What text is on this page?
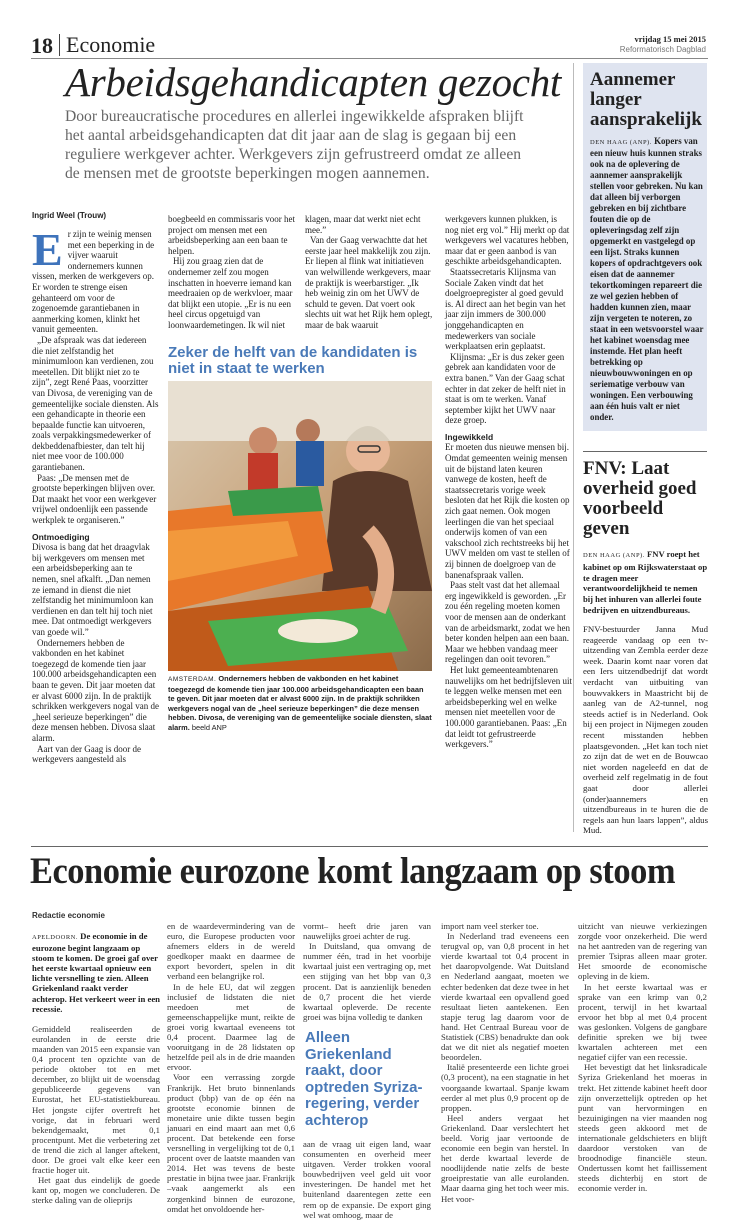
18 Economie	vrijdag 15 mei 2015
Reformatorisch Dagblad
Arbeidsgehandicapten gezocht
Door bureaucratische procedures en allerlei ingewikkelde afspraken blijft het aantal arbeidsgehandicapten dat dit jaar aan de slag is gegaan bij een reguliere werkgever achter. Werkgevers zijn gefrustreerd omdat ze alleen de mensen met de grootste beperkingen mogen aannemen.
Ingrid Weel (Trouw)
E r zijn te weinig mensen met een beperking in de vijver waaruit ondernemers kunnen vissen, merken de werkgevers op. Er worden te strenge eisen gehanteerd om voor de zogenoemde garantiebanen in aanmerking komen, klinkt het vanuit gemeenten.

„De afspraak was dat iedereen die niet zelfstandig het minimumloon kan verdienen, zou meetellen. Dit blijkt niet zo te zijn”, zegt René Paas, voorzitter van Divosa, de vereniging van de gemeentelijke sociale diensten. Als een gehandicapte in theorie een bepaalde functie kan uitvoeren, zoals verpakkingsmedewerker of dekbeddenafbiester, dan telt hij niet mee voor de 100.000 garantiebanen.

Paas: „De mensen met de grootste beperkingen blijven over. Dat maakt het voor een werkgever vrijwel ondoenlijk een passende werkplek te organiseren.”

Ontmoediging

Divosa is bang dat het draagvlak bij werkgevers om mensen met een arbeidsbeperking aan te nemen, snel afkalft. „Dan nemen ze iemand in dienst die niet zelfstandig het minimumloon kan verdienen en dan telt hij toch niet mee. Dat ontmoedigt werkgevers van goede wil.”

Ondernemers hebben de vakbonden en het kabinet toegezegd de komende tien jaar 100.000 arbeidsgehandicapten een baan te geven. Dit jaar moeten dat er alvast 6000 zijn. In de praktijk schrikken werkgevers nogal van de „heel serieuze beperkingen” die deze mensen hebben. Divosa slaat alarm.

Aart van der Gaag is door de werkgevers aangesteld als

boegbeeld en commissaris voor het project om mensen met een arbeidsbeperking aan een baan te helpen.

Hij zou graag zien dat de ondernemer zelf zou mogen inschatten in hoeverre iemand kan meedraaien op de werkvloer, maar dat blijkt een utopie. „Er is nu een heel circus opgetuigd van loonwaardemetingen. Ik wil niet

klagen, maar dat werkt niet echt mee.”

Van der Gaag verwachtte dat het eerste jaar heel makkelijk zou zijn. Er liepen al flink wat initiatieven van welwillende werkgevers, maar de praktijk is weerbarstiger. „Ik heb weinig zin om het UWV de schuld te geven. Dat voert ook slechts uit wat het Rijk hem oplegt, maar de bak waaruit

werkgevers kunnen plukken, is nog niet erg vol.” Hij merkt op dat werkgevers wel vacatures hebben, maar dat er geen aanbod is van geschikte arbeidsgehandicapten.

Staatssecretaris Klijnsma van Sociale Zaken vindt dat het doelgroepregister al goed gevuld is. Al direct aan het begin van het jaar zijn immers de 300.000 jonggehandicapten en medewerkers van sociale werkplaatsen erin geplaatst.

Klijnsma: „Er is dus zeker geen gebrek aan kandidaten voor de extra banen.” Van der Gaag schat echter in dat zeker de helft niet in staat is om te werken. Vanaf september kijkt het UWV naar deze groep.

Ingewikkeld

Er moeten dus nieuwe mensen bij. Omdat gemeenten weinig mensen uit de bijstand laten keuren vanwege de kosten, heeft de staatssecretaris vorige week besloten dat het Rijk die kosten op zich gaat nemen. Ook mogen leerlingen die van het speciaal onderwijs komen of van een vakschool zich rechtstreeks bij het UWV melden om vast te stellen of zij binnen de doelgroep van de banenafspraak vallen.

Paas stelt vast dat het allemaal erg ingewikkeld is geworden. „Er zou één regeling moeten komen voor de mensen aan de onderkant van de arbeidsmarkt, zodat we hen beter konden helpen aan een baan. Maar we hebben vandaag meer regelingen dan ooit tevoren.”

Het lukt gemeenteambtenaren nauwelijks om het bedrijfsleven uit te leggen welke mensen met een arbeidsbeperking wel en welke mensen niet meetellen voor de 100.000 garantiebanen. Paas: „En dat leidt tot gefrustreerde werkgevers.”

Zeker de helft van de kandidaten is niet in staat te werken
AMSTERDAM. Ondernemers hebben de vakbonden en het kabinet toegezegd de komende tien jaar 100.000 arbeidsgehandicapten een baan te geven. Dit jaar moeten dat er alvast 6000 zijn. In de praktijk schrikken werkgevers nogal van de „heel serieuze beperkingen” die deze mensen hebben. Divosa, de vereniging van de gemeentelijke sociale diensten, slaat alarm. beeld ANP
Aannemer langer aansprakelijk
DEN HAAG (ANP). Kopers van een nieuw huis kunnen straks ook na de oplevering de aannemer aansprakelijk stellen voor gebreken. Nu kan dat alleen bij verborgen gebreken en bij zichtbare fouten die op de opleveringsdag zelf zijn opgemerkt en vastgelegd op een lijst. Straks kunnen kopers of opdrachtgevers ook eisen dat de aannemer tekortkomingen repareert die ze wel gezien hebben of hadden kunnen zien, maar zijn vergeten te noteren, zo staat in een wetsvoorstel waar het kabinet woensdag mee instemde. Het plan heeft betrekking op nieuwbouwwoningen en op seriematige verbouw van woningen. Een verbouwing aan één huis valt er niet onder.
FNV: Laat overheid goed voorbeeld geven
DEN HAAG (ANP). FNV roept het kabinet op om Rijkswaterstaat op te dragen meer verantwoordelijkheid te nemen bij het inhuren van allerlei foute bedrijven en uitzendbureaus.
FNV-bestuurder Janna Mud reageerde vandaag op een tv-uitzending van Zembla eerder deze week. Daarin komt naar voren dat een Iers uitzendbedrijf dat wordt verdacht van uitbuiting van bouwvakkers in Maastricht bij de aanleg van de A2-tunnel, nog steeds actief is in Nederland. Ook bij een project in Nijmegen zouden recent misstanden hebben plaatsgevonden. „Het kan toch niet zo zijn dat de wet en de Bouwcao niet worden nageleefd en dat de overheid zelf regelmatig in de fout gaat door allerlei (onder)aannemers en uitzendbureaus in te huren die de regels aan hun laars lappen”, aldus Mud.
Economie eurozone komt langzaam op stoom
Redactie economie

APELDOORN. De economie in de eurozone begint langzaam op stoom te komen. De groei gaf over het eerste kwartaal opnieuw een lichte versnelling te zien. Alleen Griekenland raakt verder achterop. Het verkeert weer in een recessie.

Gemiddeld realiseerden de eurolanden in de eerste drie maanden van 2015 een expansie van 0,4 procent ten opzichte van de periode oktober tot en met december, zo blijkt uit de woensdag gepubliceerde gegevens van Eurostat, het EU-statistiekbureau. Het jongste cijfer overtreft het vorige, dat in februari werd bekendgemaakt, met 0,1 procentpunt. Met die verbetering zet de trend die zich al langer aftekent, door. De groei valt elke keer een fractie hoger uit.

Het gaat dus eindelijk de goede kant op, mogen we concluderen. De sterke daling van de olieprijs

en de waardevermindering van de euro, die Europese producten voor afnemers elders in de wereld goedkoper maakt en daarmee de export bevordert, spelen in dit verband een belangrijke rol.

In de hele EU, dat wil zeggen inclusief de lidstaten die niet meedoen met de gemeenschappelijke munt, reikte de groei vorig kwartaal eveneens tot 0,4 procent. Daarmee lag de vooruitgang in de 28 lidstaten op hetzelfde peil als in de drie maanden ervoor.

Voor een verrassing zorgde Frankrijk. Het bruto binnenlands product (bbp) van de op één na grootste economie binnen de monetaire unie dikte tussen begin januari en eind maart aan met 0,6 procent. Dat betekende een forse versnelling in vergelijking tot de 0,1 procent over de laatste maanden van 2014. Het was tevens de beste prestatie in bijna twee jaar. Frankrijk –vaak aangemerkt als een zorgenkind binnen de eurozone, omdat het onvoldoende her-

vormt– heeft drie jaren van nauwelijks groei achter de rug.

In Duitsland, qua omvang de nummer één, trad in het voorbije kwartaal juist een vertraging op, met een stijging van het bbp van 0,3 procent. Dat is aanzienlijk beneden de 0,7 procent die het vierde kwartaal opleverde. De recente groei was bijna volledig te danken

aan de vraag uit eigen land, waar consumenten en overheid meer uitgaven. Verder trokken vooral bouwbedrijven veel geld uit voor investeringen. De handel met het buitenland daarentegen zette een rem op de expansie. De export ging wel wat omhoog, maar de

import nam veel sterker toe.

In Nederland trad eveneens een terugval op, van 0,8 procent in het vierde kwartaal tot 0,4 procent in het daaropvolgende. Wat Duitsland en Nederland aangaat, moeten we echter bedenken dat deze twee in het vierde kwartaal een opvallend goed resultaat lieten aantekenen. Een stapje terug lag daarom voor de hand. Het Centraal Bureau voor de Statistiek (CBS) benadrukte dan ook dat we dit niet als negatief moeten beoordelen.

Italië presenteerde een lichte groei (0,3 procent), na een stagnatie in het voorgaande kwartaal. Spanje kwam eerder al met plus 0,9 procent op de proppen.

Heel anders vergaat het Griekenland. Daar verslechtert het beeld. Vorig jaar vertoonde de economie een begin van herstel. In het derde kwartaal leverde de noodlijdende natie zelfs de beste groeiprestatie van alle eurolanden. Maar daarna ging het toch weer mis. Het voor-

uitzicht van nieuwe verkiezingen zorgde voor onzekerheid. Die werd na het aantreden van de regering van premier Tsipras alleen maar groter. Het smoorde de economische opleving in de kiem.

In het eerste kwartaal was er sprake van een krimp van 0,2 procent, terwijl in het kwartaal ervoor het bbp al met 0,4 procent was geslonken. Volgens de gangbare definitie spreken we bij twee kwartalen achtereen met een negatief cijfer van een recessie.

Het bevestigt dat het linksradicale Syriza Griekenland het moeras in trekt. Het zittende kabinet heeft door zijn onverzettelijk optreden op het punt van hervormingen en bezuinigingen na vier maanden nog steeds geen akkoord met de internationale geldschieters en blijft daardoor verstoken van de broodnodige financiële steun. Ondertussen komt het faillissement steeds dichterbij en stort de economie verder in.

Alleen Griekenland raakt, door optreden Syriza-regering, verder achterop
